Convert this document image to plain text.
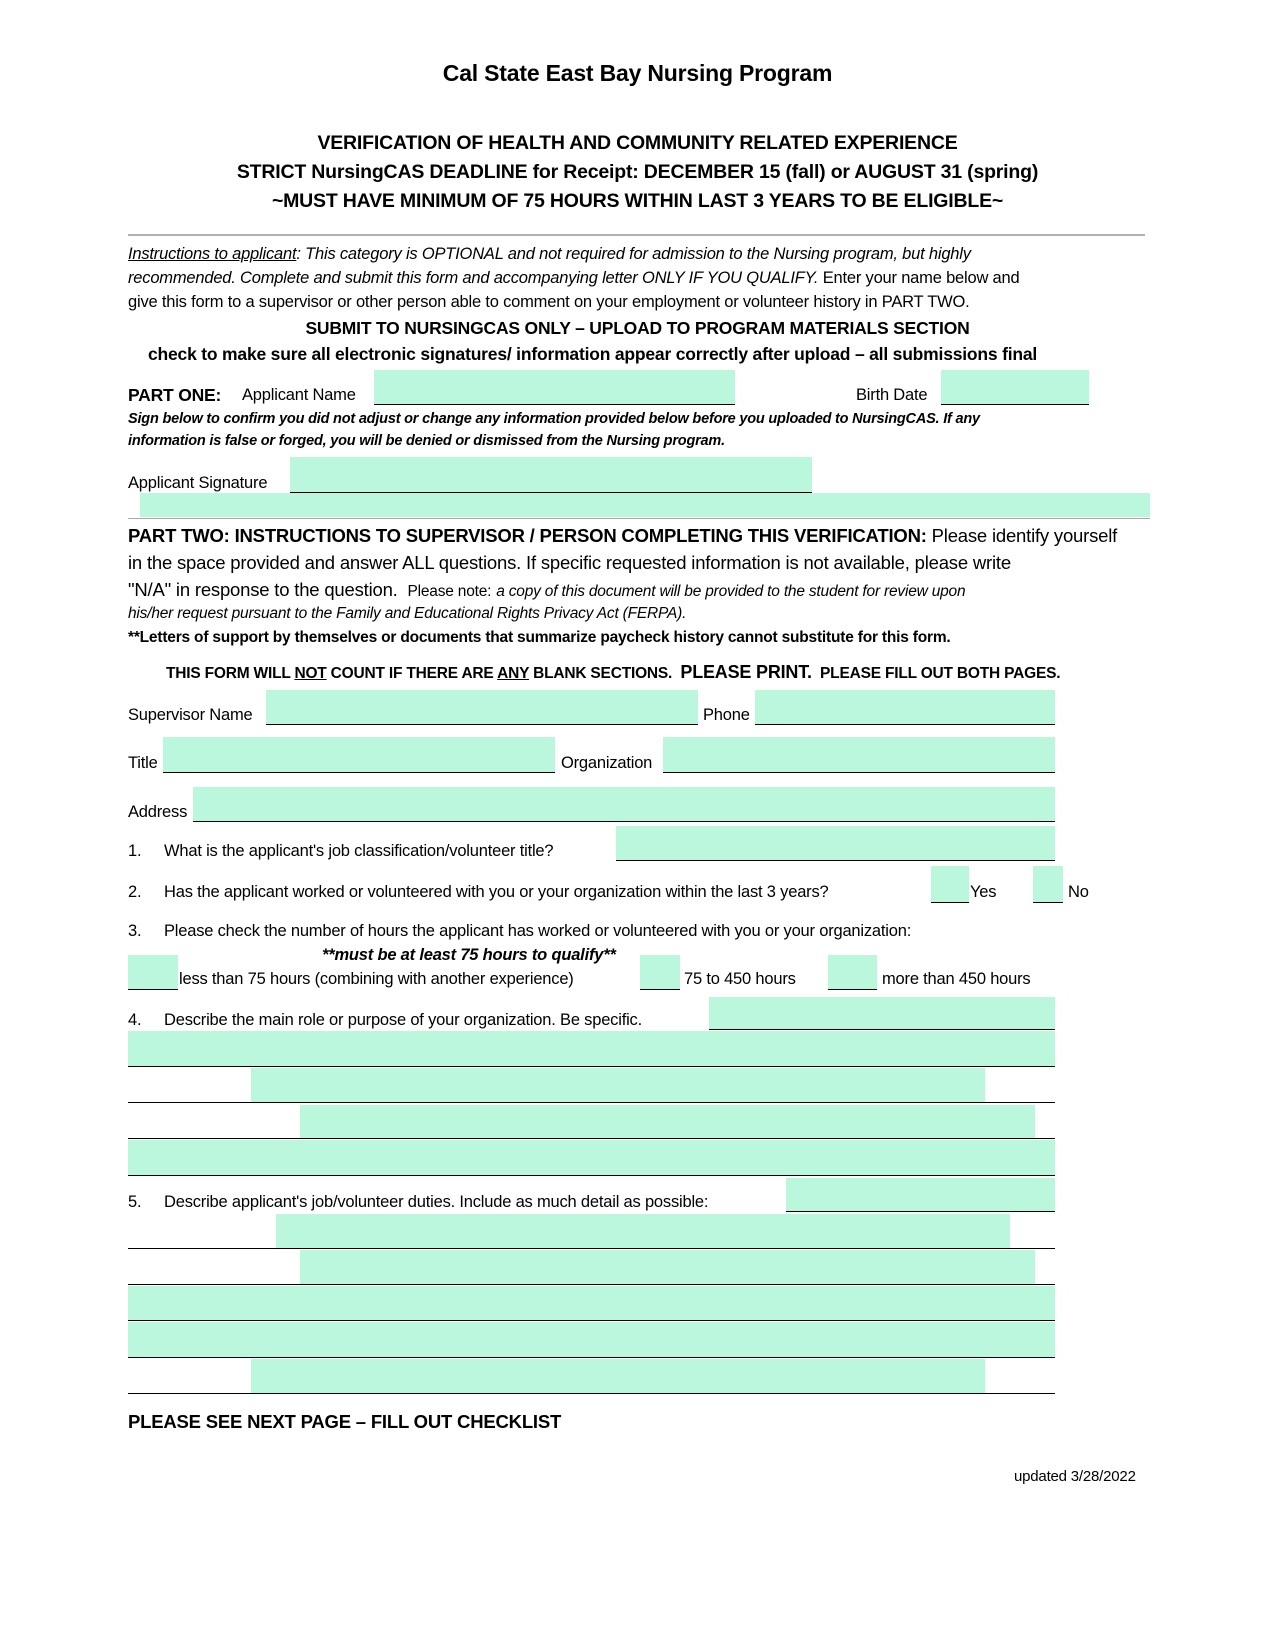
Cal State East Bay Nursing Program
VERIFICATION OF HEALTH AND COMMUNITY RELATED EXPERIENCE
STRICT NursingCAS DEADLINE for Receipt: DECEMBER 15 (fall) or AUGUST 31 (spring)
~MUST HAVE MINIMUM OF 75 HOURS WITHIN LAST 3 YEARS TO BE ELIGIBLE~
Instructions to applicant: This category is OPTIONAL and not required for admission to the Nursing program, but highly
recommended. Complete and submit this form and accompanying letter ONLY IF YOU QUALIFY. Enter your name below and
give this form to a supervisor or other person able to comment on your employment or volunteer history in PART TWO.
SUBMIT TO NURSINGCAS ONLY – UPLOAD TO PROGRAM MATERIALS SECTION
check to make sure all electronic signatures/ information appear correctly after upload – all submissions final
PART ONE: Applicant Name	Birth Date
Sign below to confirm you did not adjust or change any information provided below before you uploaded to NursingCAS. If any
information is false or forged, you will be denied or dismissed from the Nursing program.
Applicant Signature
PART TWO: INSTRUCTIONS TO SUPERVISOR / PERSON COMPLETING THIS VERIFICATION: Please identify yourself
in the space provided and answer ALL questions. If specific requested information is not available, please write
"N/A" in response to the question. Please note: a copy of this document will be provided to the student for review upon
his/her request pursuant to the Family and Educational Rights Privacy Act (FERPA).
**Letters of support by themselves or documents that summarize paycheck history cannot substitute for this form.
THIS FORM WILL NOT COUNT IF THERE ARE ANY BLANK SECTIONS. PLEASE PRINT. PLEASE FILL OUT BOTH PAGES.
Supervisor Name	Phone
Title	Organization
Address
1. What is the applicant's job classification/volunteer title?
2. Has the applicant worked or volunteered with you or your organization within the last 3 years?	Yes	No
3. Please check the number of hours the applicant has worked or volunteered with you or your organization:
**must be at least 75 hours to qualify**
less than 75 hours (combining with another experience)	75 to 450 hours	more than 450 hours
4. Describe the main role or purpose of your organization. Be specific.
5. Describe applicant's job/volunteer duties. Include as much detail as possible:
PLEASE SEE NEXT PAGE – FILL OUT CHECKLIST
updated 3/28/2022
